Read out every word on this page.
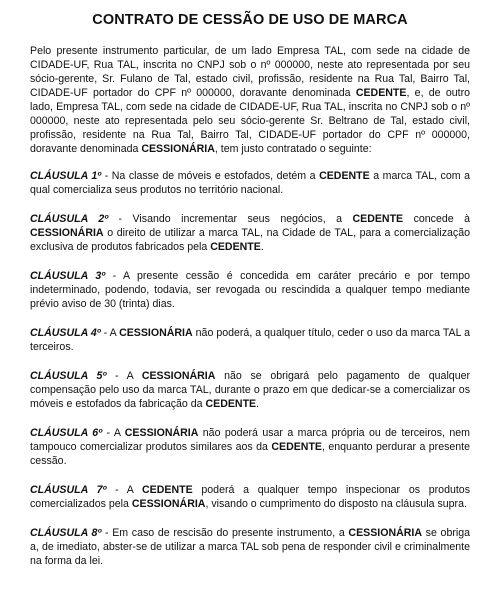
CONTRATO DE CESSÃO DE USO DE MARCA

Pelo presente instrumento particular, de um lado Empresa TAL, com sede na cidade de CIDADE-UF, Rua TAL, inscrita no CNPJ sob o nº 000000, neste ato representada por seu sócio-gerente, Sr. Fulano de Tal, estado civil, profissão, residente na Rua Tal, Bairro Tal, CIDADE-UF portador do CPF nº 000000, doravante denominada CEDENTE, e, de outro lado, Empresa TAL, com sede na cidade de CIDADE-UF, Rua TAL, inscrita no CNPJ sob o nº 000000, neste ato representada pelo seu sócio-gerente Sr. Beltrano de Tal, estado civil, profissão, residente na Rua Tal, Bairro Tal, CIDADE-UF portador do CPF nº 000000, doravante denominada CESSIONÁRIA, tem justo contratado o seguinte:

CLÁUSULA 1º - Na classe de móveis e estofados, detém a CEDENTE a marca TAL, com a qual comercializa seus produtos no território nacional.

CLÁUSULA 2º - Visando incrementar seus negócios, a CEDENTE concede à CESSIONÁRIA o direito de utilizar a marca TAL, na Cidade de TAL, para a comercialização exclusiva de produtos fabricados pela CEDENTE.

CLÁUSULA 3º - A presente cessão é concedida em caráter precário e por tempo indeterminado, podendo, todavia, ser revogada ou rescindida a qualquer tempo mediante prévio aviso de 30 (trinta) dias.

CLÁUSULA 4º - A CESSIONÁRIA não poderá, a qualquer título, ceder o uso da marca TAL a terceiros.

CLÁUSULA 5º - A CESSIONÁRIA não se obrigará pelo pagamento de qualquer compensação pelo uso da marca TAL, durante o prazo em que dedicar-se a comercializar os móveis e estofados da fabricação da CEDENTE.

CLÁUSULA 6º - A CESSIONÁRIA não poderá usar a marca própria ou de terceiros, nem tampouco comercializar produtos similares aos da CEDENTE, enquanto perdurar a presente cessão.

CLÁUSULA 7º - A CEDENTE poderá a qualquer tempo inspecionar os produtos comercializados pela CESSIONÁRIA, visando o cumprimento do disposto na cláusula supra.

CLÁUSULA 8º - Em caso de rescisão do presente instrumento, a CESSIONÁRIA se obriga a, de imediato, abster-se de utilizar a marca TAL sob pena de responder civil e criminalmente na forma da lei.
